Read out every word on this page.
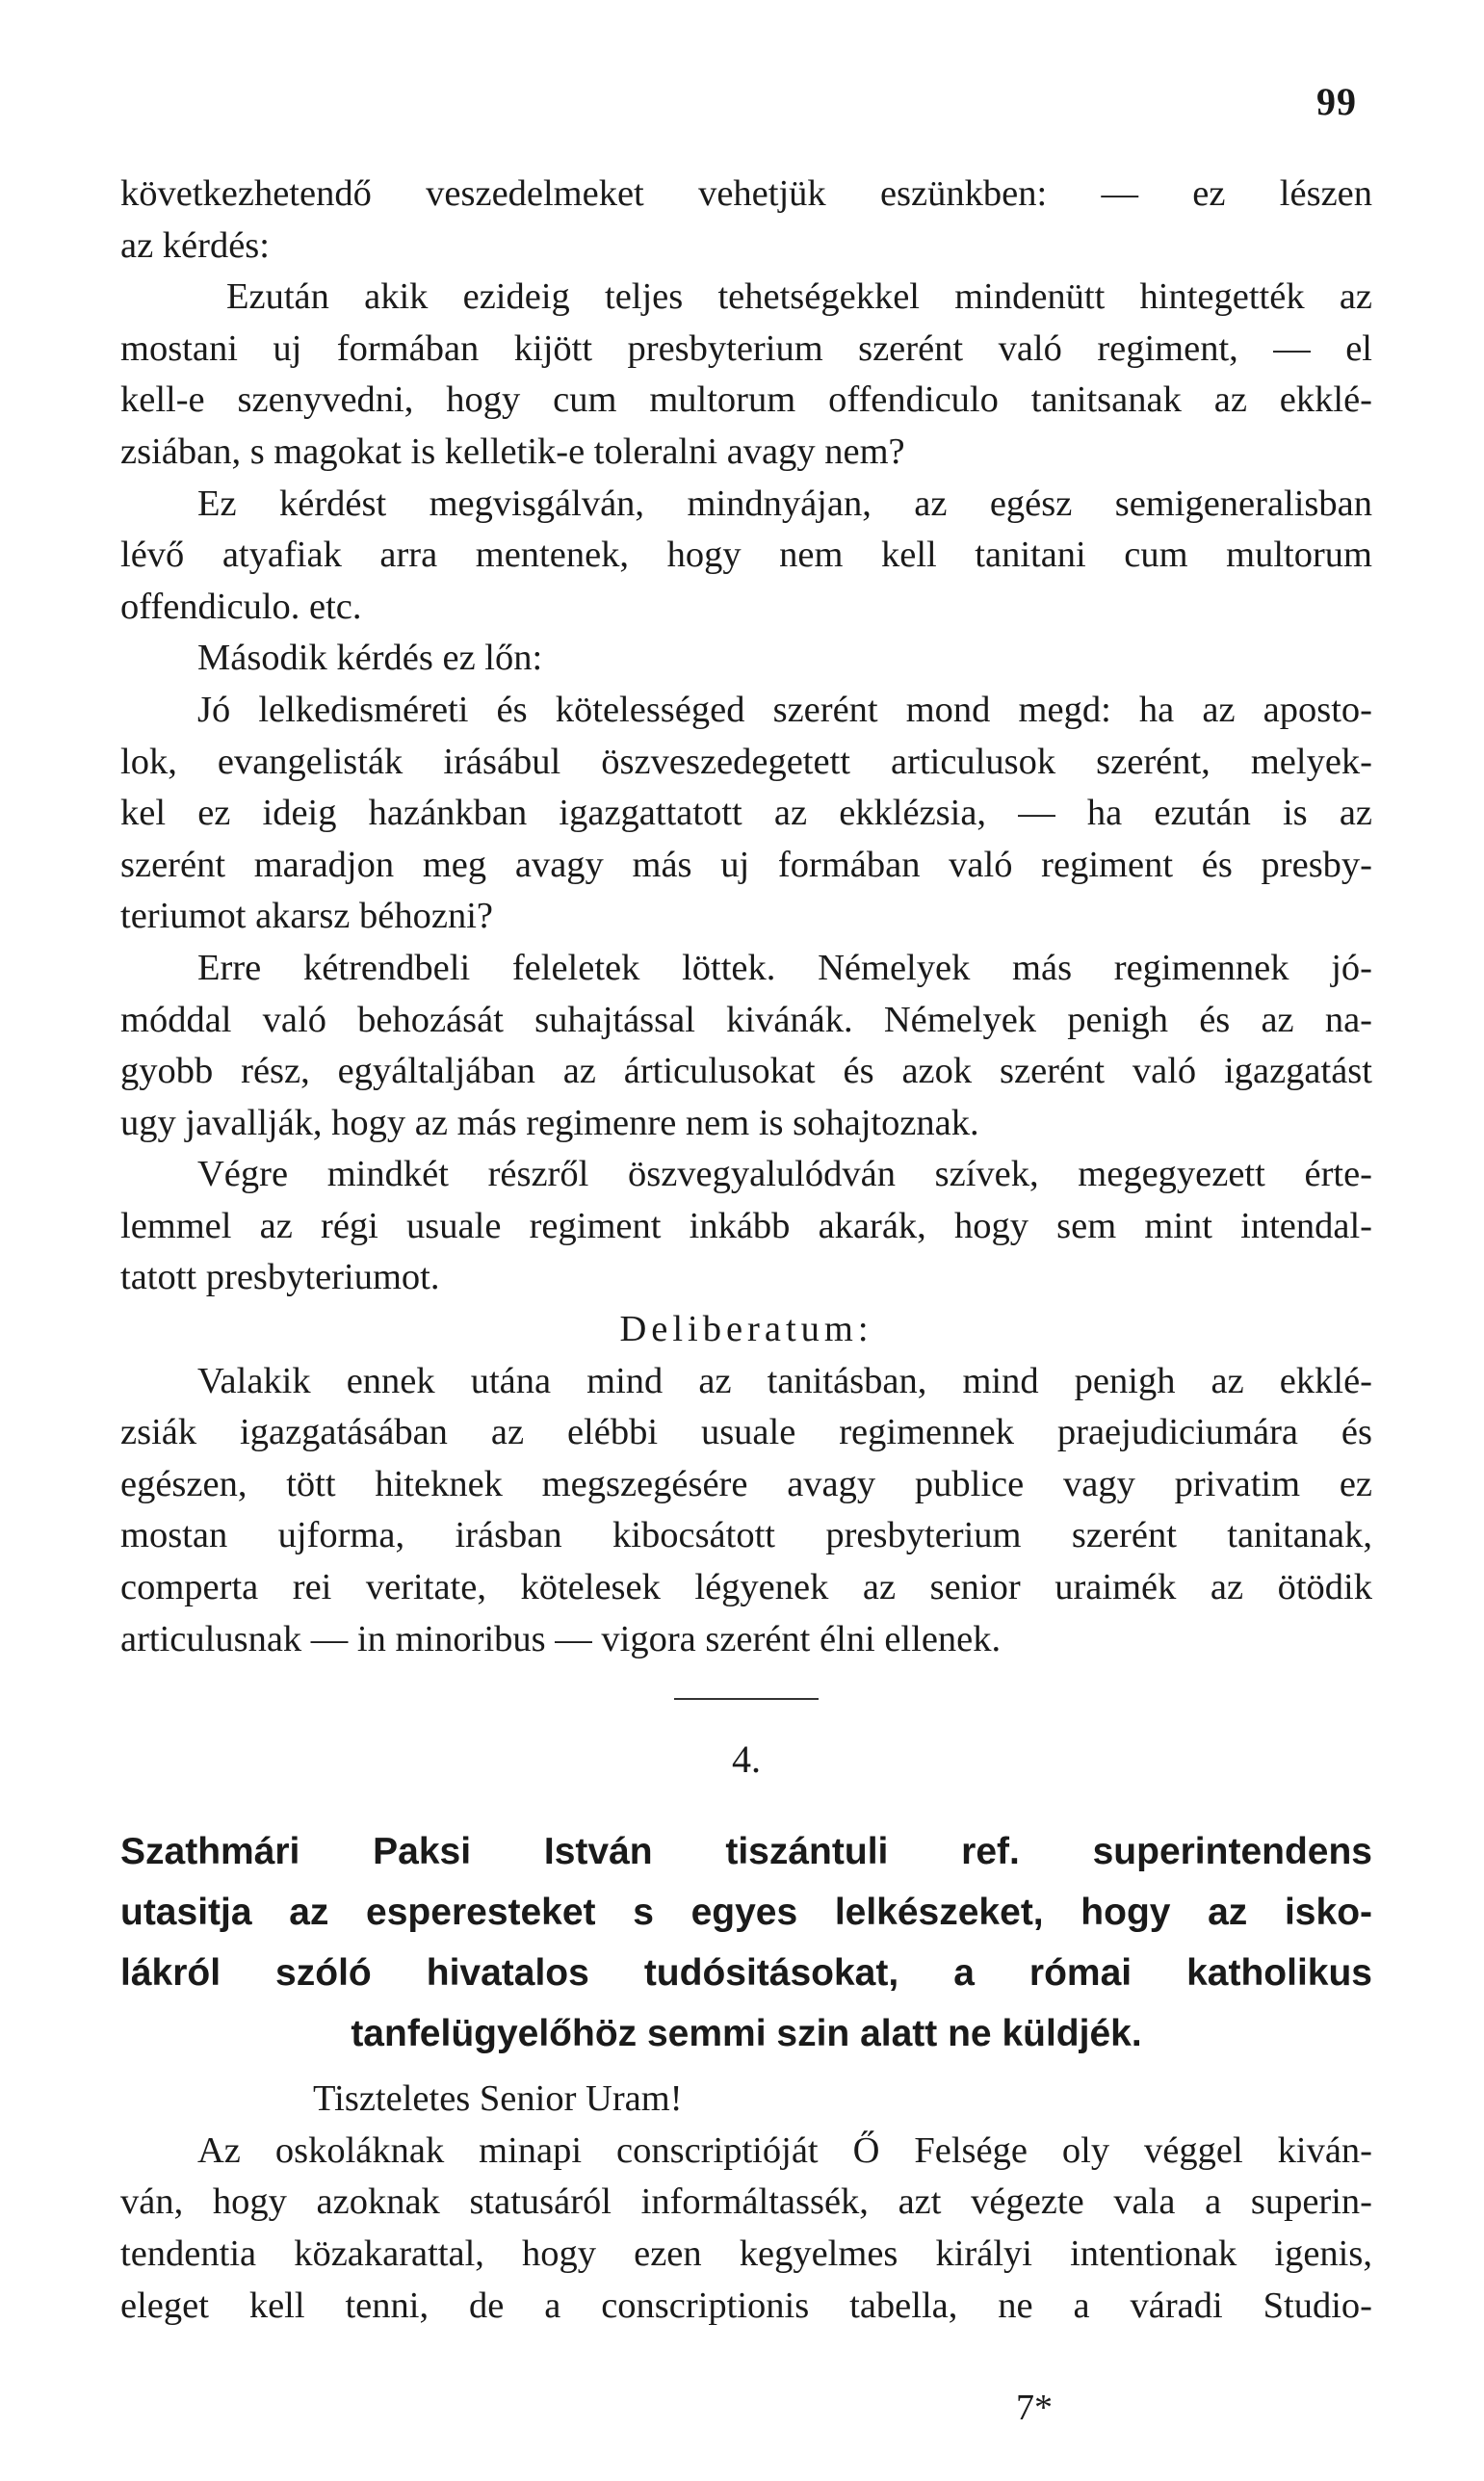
99
következhetendő veszedelmeket vehetjük eszünkben: — ez lészen
az kérdés:
Ezután akik ezideig teljes tehetségekkel mindenütt hintegették az
mostani uj formában kijött presbyterium szerént való regiment, — el
kell-e szenyvedni, hogy cum multorum offendiculo tanitsanak az ekklé-
zsiában, s magokat is kelletik-e toleralni avagy nem?
Ez kérdést megvisgálván, mindnyájan, az egész semigeneralisban
lévő atyafiak arra mentenek, hogy nem kell tanitani cum multorum
offendiculo. etc.
Második kérdés ez lőn:
Jó lelkedisméreti és kötelességed szerént mond megd: ha az aposto-
lok, evangelisták irásábul öszveszedegetett articulusok szerént, melyek-
kel ez ideig hazánkban igazgattatott az ekklézsia, — ha ezután is az
szerént maradjon meg avagy más uj formában való regiment és presby-
teriumot akarsz béhozni?
Erre kétrendbeli feleletek löttek. Némelyek más regimennek jó-
móddal való behozását suhajtással kivánák. Némelyek penigh és az na-
gyobb rész, egyáltaljában az árticulusokat és azok szerént való igazgatást
ugy javallják, hogy az más regimenre nem is sohajtoznak.
Végre mindkét részről öszvegyalulódván szívek, megegyezett érte-
lemmel az régi usuale regiment inkább akarák, hogy sem mint intendal-
tatott presbyteriumot.
Deliberatum:
Valakik ennek utána mind az tanitásban, mind penigh az ekklé-
zsiák igazgatásában az elébbi usuale regimennek praejudiciumára és
egészen, tött hiteknek megszegésére avagy publice vagy privatim ez
mostan ujforma, irásban kibocsátott presbyterium szerént tanitanak,
comperta rei veritate, kötelesek légyenek az senior uraimék az ötödik
articulusnak — in minoribus — vigora szerént élni ellenek.
4.
Szathmári Paksi István tiszántuli ref. superintendens
utasitja az esperesteket s egyes lelkészeket, hogy az isko-
lákról szóló hivatalos tudósitásokat, a római katholikus
tanfelügyelőhöz semmi szin alatt ne küldjék.
Tiszteletes Senior Uram!
Az oskoláknak minapi conscriptióját Ő Felsége oly véggel kiván-
ván, hogy azoknak statusáról informáltassék, azt végezte vala a superin-
tendentia közakarattal, hogy ezen kegyelmes királyi intentionak igenis,
eleget kell tenni, de a conscriptionis tabella, ne a váradi Studio-
7*
